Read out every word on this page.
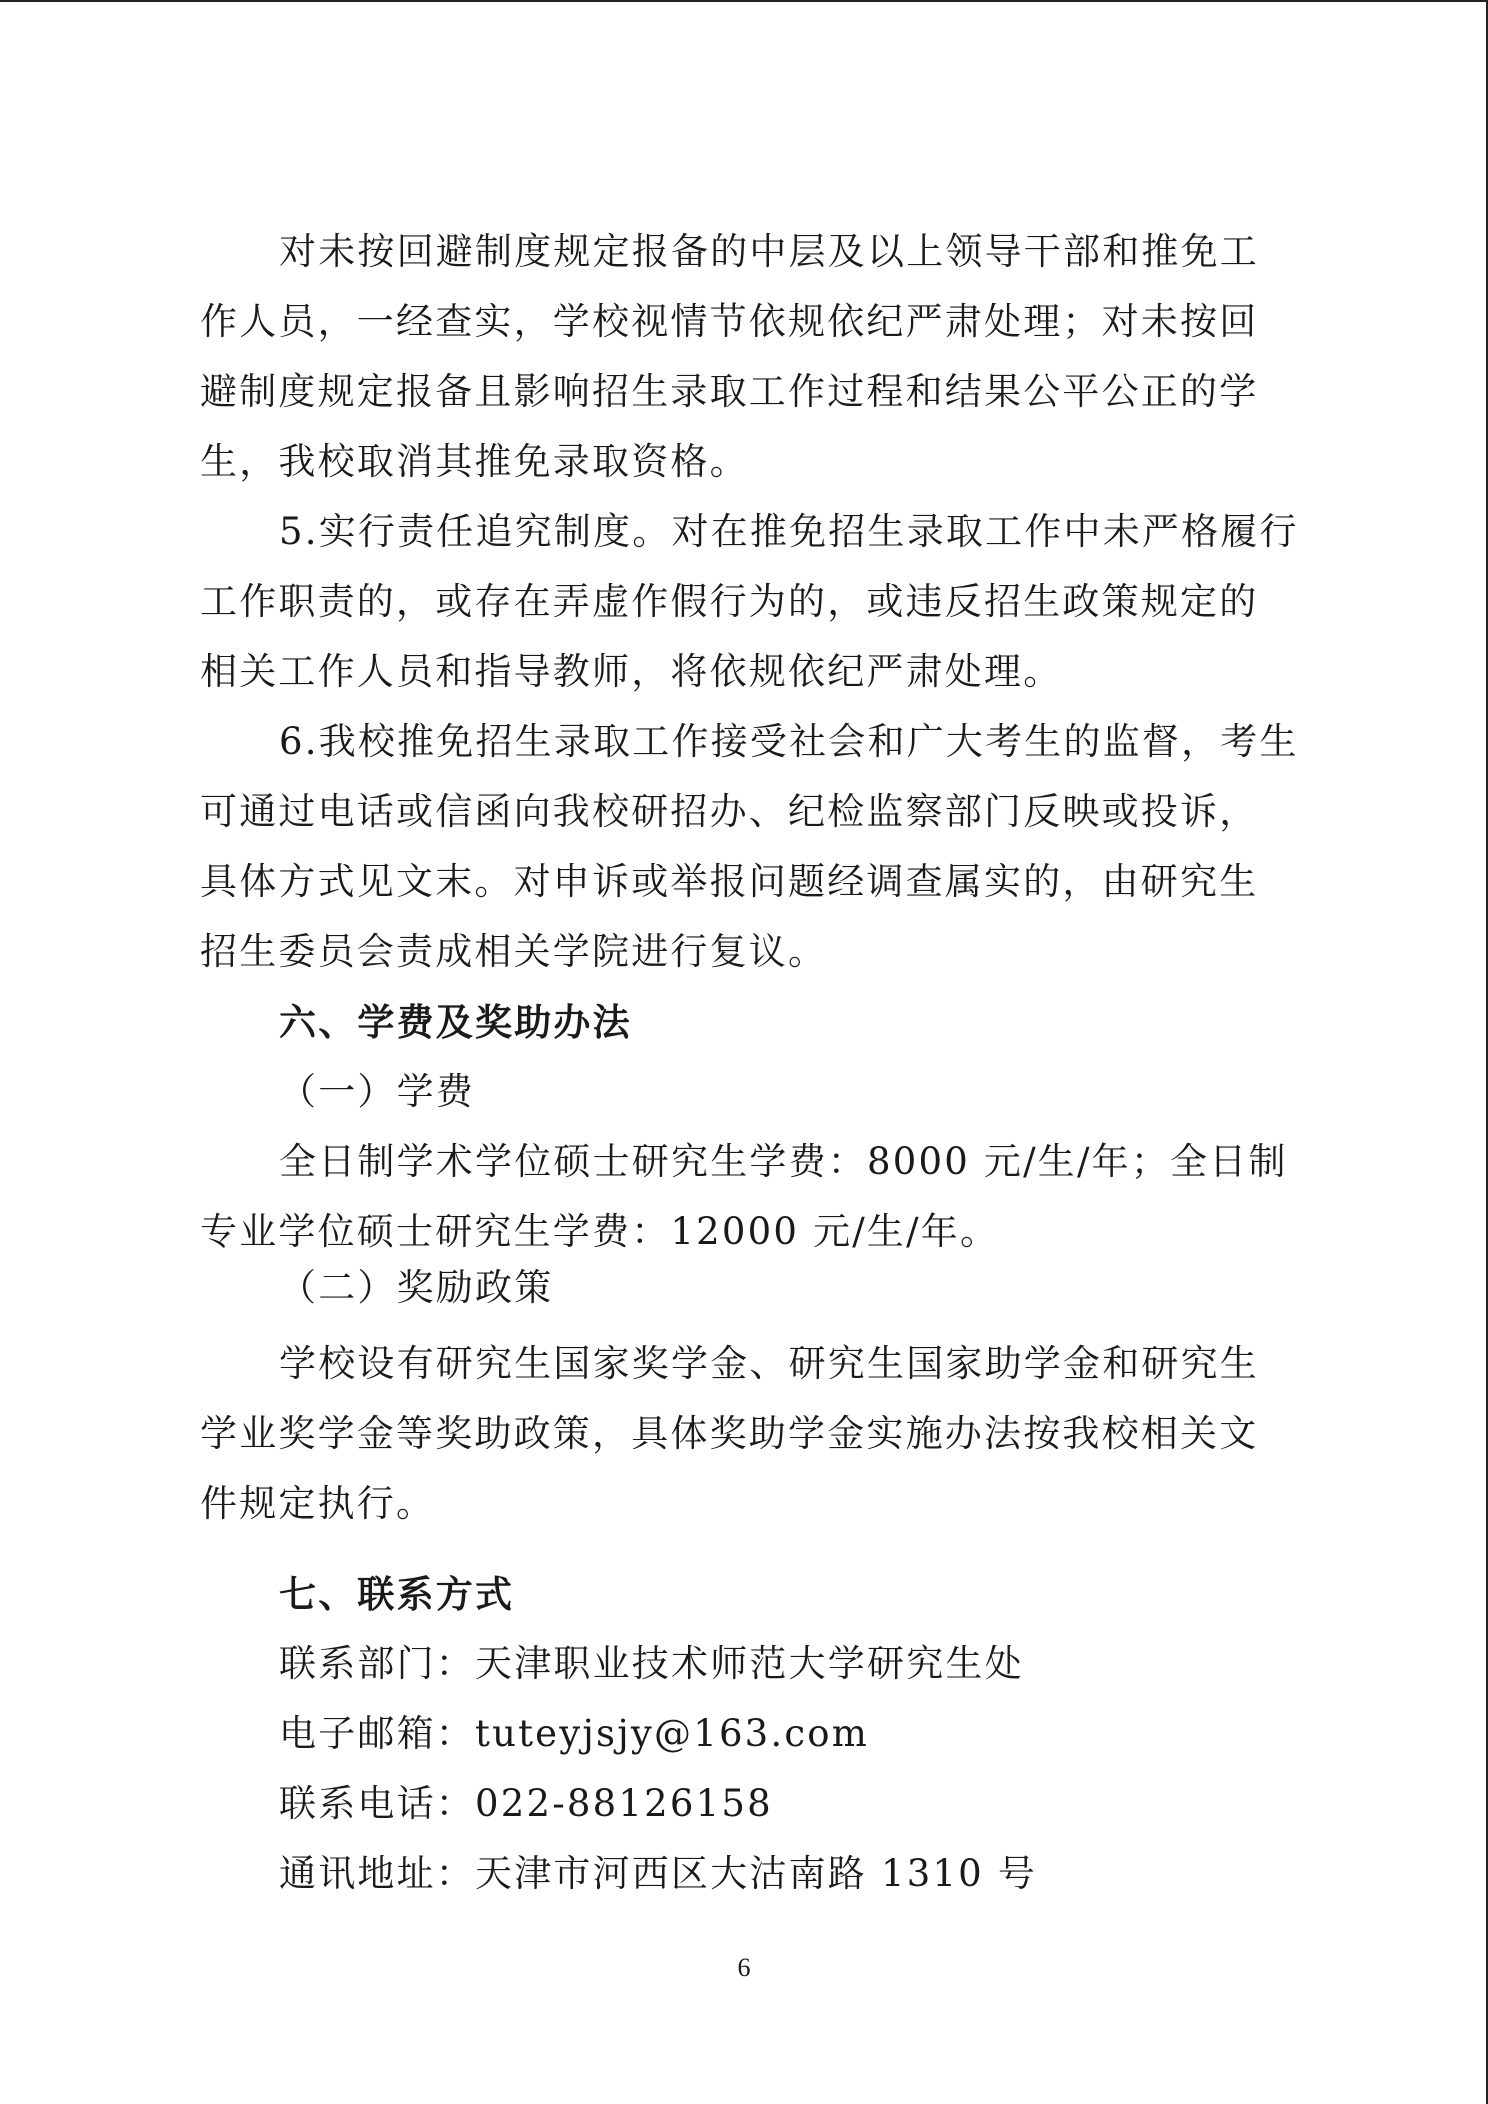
对未按回避制度规定报备的中层及以上领导干部和推免工
作人员，一经查实，学校视情节依规依纪严肃处理；对未按回
避制度规定报备且影响招生录取工作过程和结果公平公正的学
生，我校取消其推免录取资格。
5.实行责任追究制度。对在推免招生录取工作中未严格履行
工作职责的，或存在弄虚作假行为的，或违反招生政策规定的
相关工作人员和指导教师，将依规依纪严肃处理。
6.我校推免招生录取工作接受社会和广大考生的监督，考生
可通过电话或信函向我校研招办、纪检监察部门反映或投诉，
具体方式见文末。对申诉或举报问题经调查属实的，由研究生
招生委员会责成相关学院进行复议。
六、学费及奖助办法
（一）学费
全日制学术学位硕士研究生学费：8000 元/生/年；全日制
专业学位硕士研究生学费：12000 元/生/年。
（二）奖励政策
学校设有研究生国家奖学金、研究生国家助学金和研究生
学业奖学金等奖助政策，具体奖助学金实施办法按我校相关文
件规定执行。
七、联系方式
联系部门：天津职业技术师范大学研究生处
电子邮箱：tuteyjsjy@163.com
联系电话：022-88126158
通讯地址：天津市河西区大沽南路 1310 号
6
